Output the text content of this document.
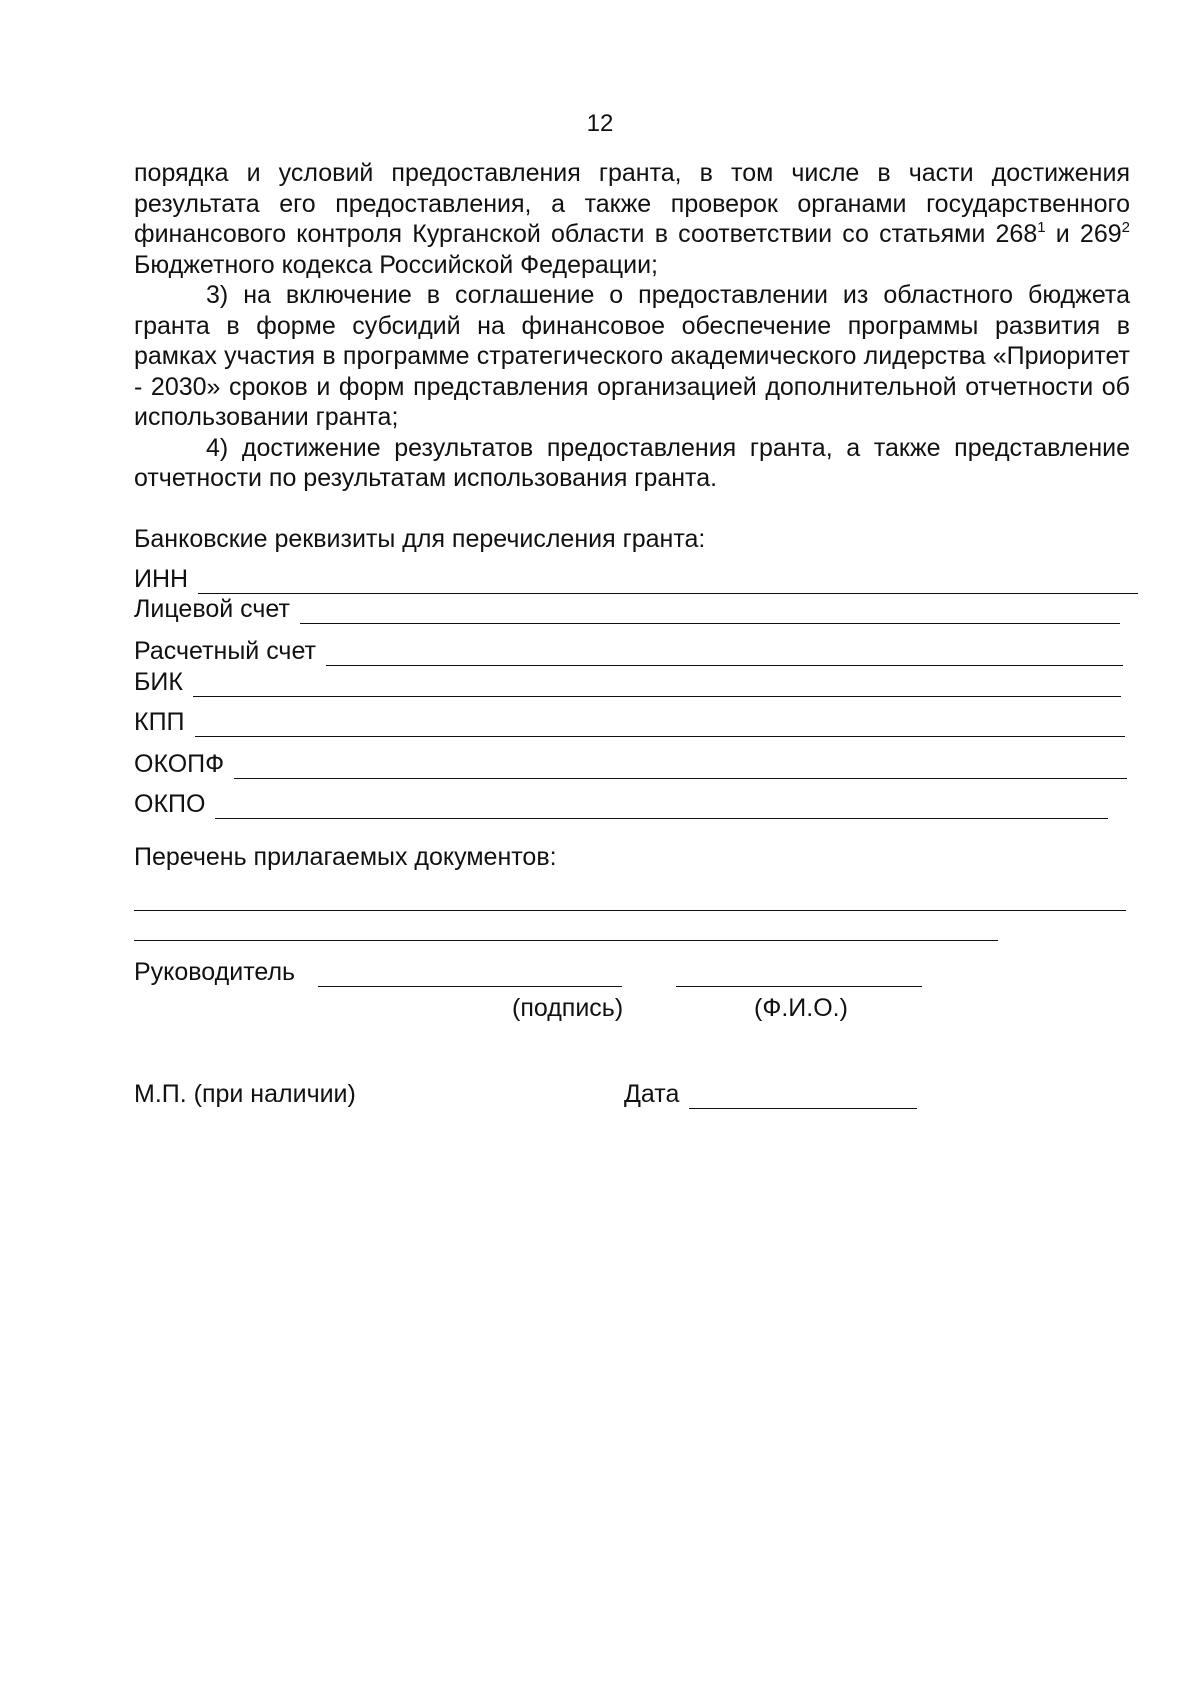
12

порядка и условий предоставления гранта, в том числе в части достижения результата его предоставления, а также проверок органами государственного финансового контроля Курганской области в соответствии со статьями $268^1$ и $269^2$ Бюджетного кодекса Российской Федерации;

3) на включение в соглашение о предоставлении из областного бюджета гранта в форме субсидий на финансовое обеспечение программы развития в рамках участия в программе стратегического академического лидерства «Приоритет - 2030» сроков и форм представления организацией дополнительной отчетности об использовании гранта;

4) достижение результатов предоставления гранта, а также представление отчетности по результатам использования гранта.

Банковские реквизиты для перечисления гранта:
ИНН
Лицевой счет
Расчетный счет
БИК
КПП
ОКОПФ
ОКПО
Перечень прилагаемых документов:
Руководитель
(подпись)	(Ф.И.О.)
М.П. (при наличии)	Дата
